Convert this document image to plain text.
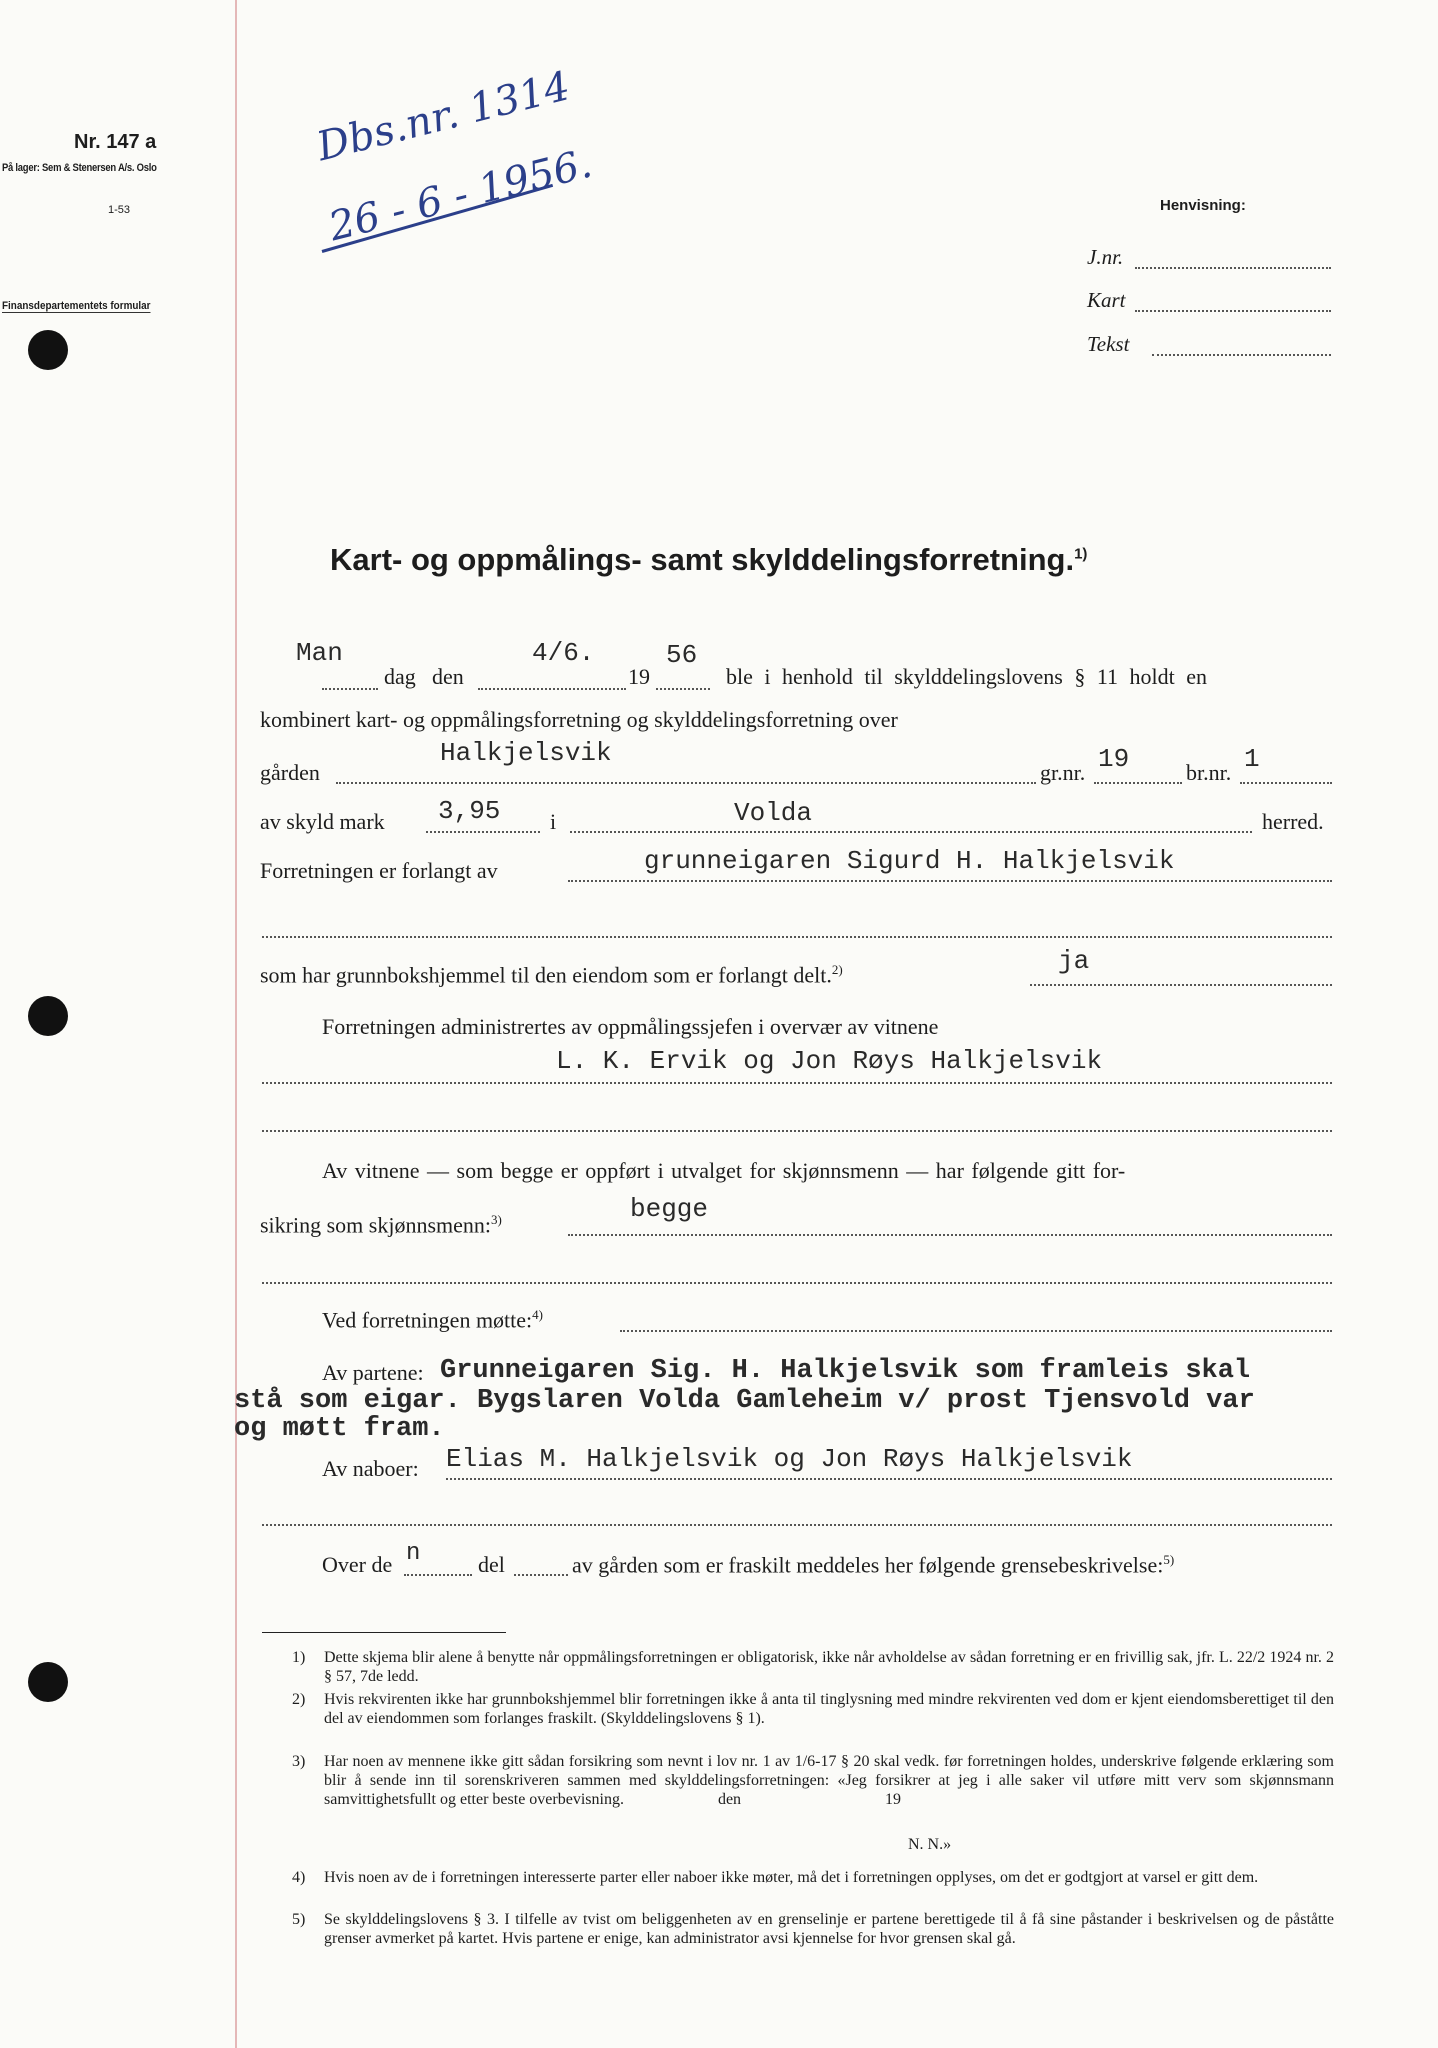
Nr. 147 a
På lager: Sem & Stenersen A/s. Oslo
1-53
Finansdepartementets formular
Dbs.nr. 1314
26 - 6 - 1956.	Henvisning:
J.nr.
Kart
Tekst
Kart- og oppmålings- samt skylddelingsforretning.$^{1)}$
Man
dag den
4/6.
19
56
ble i henhold til skylddelingslovens § 11 holdt en
kombinert kart- og oppmålingsforretning og skylddelingsforretning over
gården
Halkjelsvik
gr.nr. 19	br.nr. 1
av skyld mark 3,95 i	Volda	herred.
Forretningen er forlangt av	grunneigaren Sigurd H. Halkjelsvik
som har grunnbokshjemmel til den eiendom som er forlangt delt.$^{2)}$	ja
Forretningen administrertes av oppmålingssjefen i overvær av vitnene
L. K. Ervik og Jon Røys Halkjelsvik
Av vitnene — som begge er oppført i utvalget for skjønnsmenn — har følgende gitt for-
sikring som skjønnsmenn:$^{3)}$	begge
Ved forretningen møtte:$^{4)}$
Av partene: Grunneigaren Sig. H. Halkjelsvik som framleis skal
stå som eigar. Bygslaren Volda Gamleheim v/ prost Tjensvold var
og møtt fram.
Av naboer: Elias M. Halkjelsvik og Jon Røys Halkjelsvik
Over de n	del	av gården som er fraskilt meddeles her følgende grensebeskrivelse:$^{5)}$
1) Dette skjema blir alene å benytte når oppmålingsforretningen er obligatorisk, ikke når avholdelse av sådan forretning er en frivillig sak, jfr. L. 22/2 1924 nr. 2 § 57, 7de ledd.
2) Hvis rekvirenten ikke har grunnbokshjemmel blir forretningen ikke å anta til tinglysning med mindre rekvirenten ved dom er kjent eiendomsberettiget til den del av eiendommen som forlanges fraskilt. (Skylddelingslovens § 1).
3) Har noen av mennene ikke gitt sådan forsikring som nevnt i lov nr. 1 av 1/6-17 § 20 skal vedk. før forretningen holdes, underskrive følgende erklæring som blir å sende inn til sorenskriveren sammen med skylddelingsforretningen: «Jeg forsikrer at jeg i alle saker vil utføre mitt verv som skjønnsmann samvittighetsfullt og etter beste overbevisning.	den	19
N. N.»
4) Hvis noen av de i forretningen interesserte parter eller naboer ikke møter, må det i forretningen opplyses, om det er godtgjort at varsel er gitt dem.
5) Se skylddelingslovens § 3. I tilfelle av tvist om beliggenheten av en grenselinje er partene berettigede til å få sine påstander i beskrivelsen og de påståtte grenser avmerket på kartet. Hvis partene er enige, kan administrator avsi kjennelse for hvor grensen skal gå.
